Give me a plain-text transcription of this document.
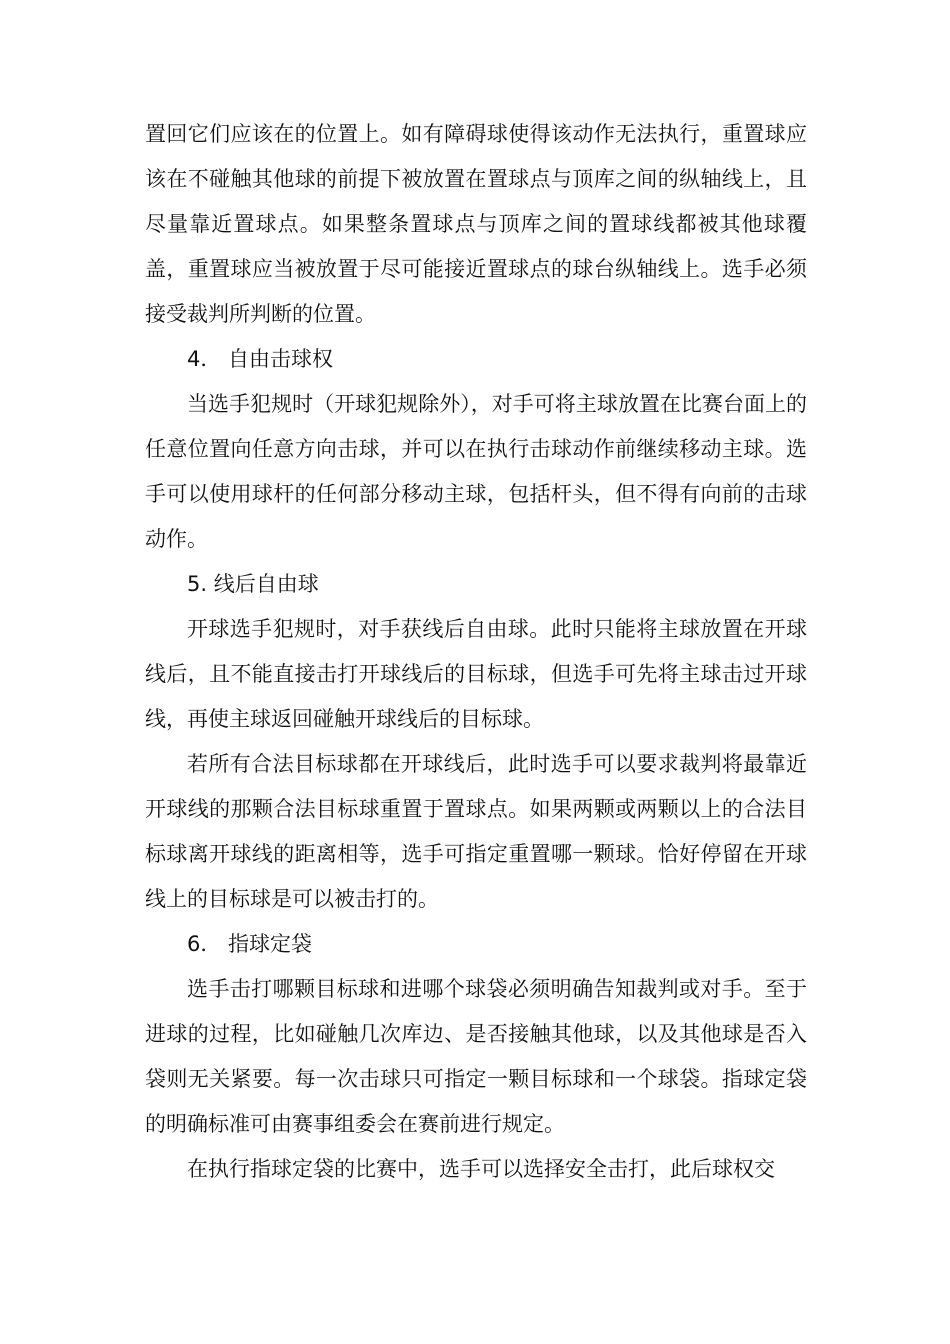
置回它们应该在的位置上。如有障碍球使得该动作无法执行，重置球应该在不碰触其他球的前提下被放置在置球点与顶库之间的纵轴线上，且尽量靠近置球点。如果整条置球点与顶库之间的置球线都被其他球覆盖，重置球应当被放置于尽可能接近置球点的球台纵轴线上。选手必须接受裁判所判断的位置。

4． 自由击球权

当选手犯规时（开球犯规除外），对手可将主球放置在比赛台面上的任意位置向任意方向击球，并可以在执行击球动作前继续移动主球。选手可以使用球杆的任何部分移动主球，包括杆头，但不得有向前的击球动作。

5. 线后自由球

开球选手犯规时，对手获线后自由球。此时只能将主球放置在开球线后，且不能直接击打开球线后的目标球，但选手可先将主球击过开球线，再使主球返回碰触开球线后的目标球。

若所有合法目标球都在开球线后，此时选手可以要求裁判将最靠近开球线的那颗合法目标球重置于置球点。如果两颗或两颗以上的合法目标球离开球线的距离相等，选手可指定重置哪一颗球。恰好停留在开球线上的目标球是可以被击打的。

6． 指球定袋

选手击打哪颗目标球和进哪个球袋必须明确告知裁判或对手。至于进球的过程，比如碰触几次库边、是否接触其他球，以及其他球是否入袋则无关紧要。每一次击球只可指定一颗目标球和一个球袋。指球定袋的明确标准可由赛事组委会在赛前进行规定。

在执行指球定袋的比赛中，选手可以选择安全击打，此后球权交
